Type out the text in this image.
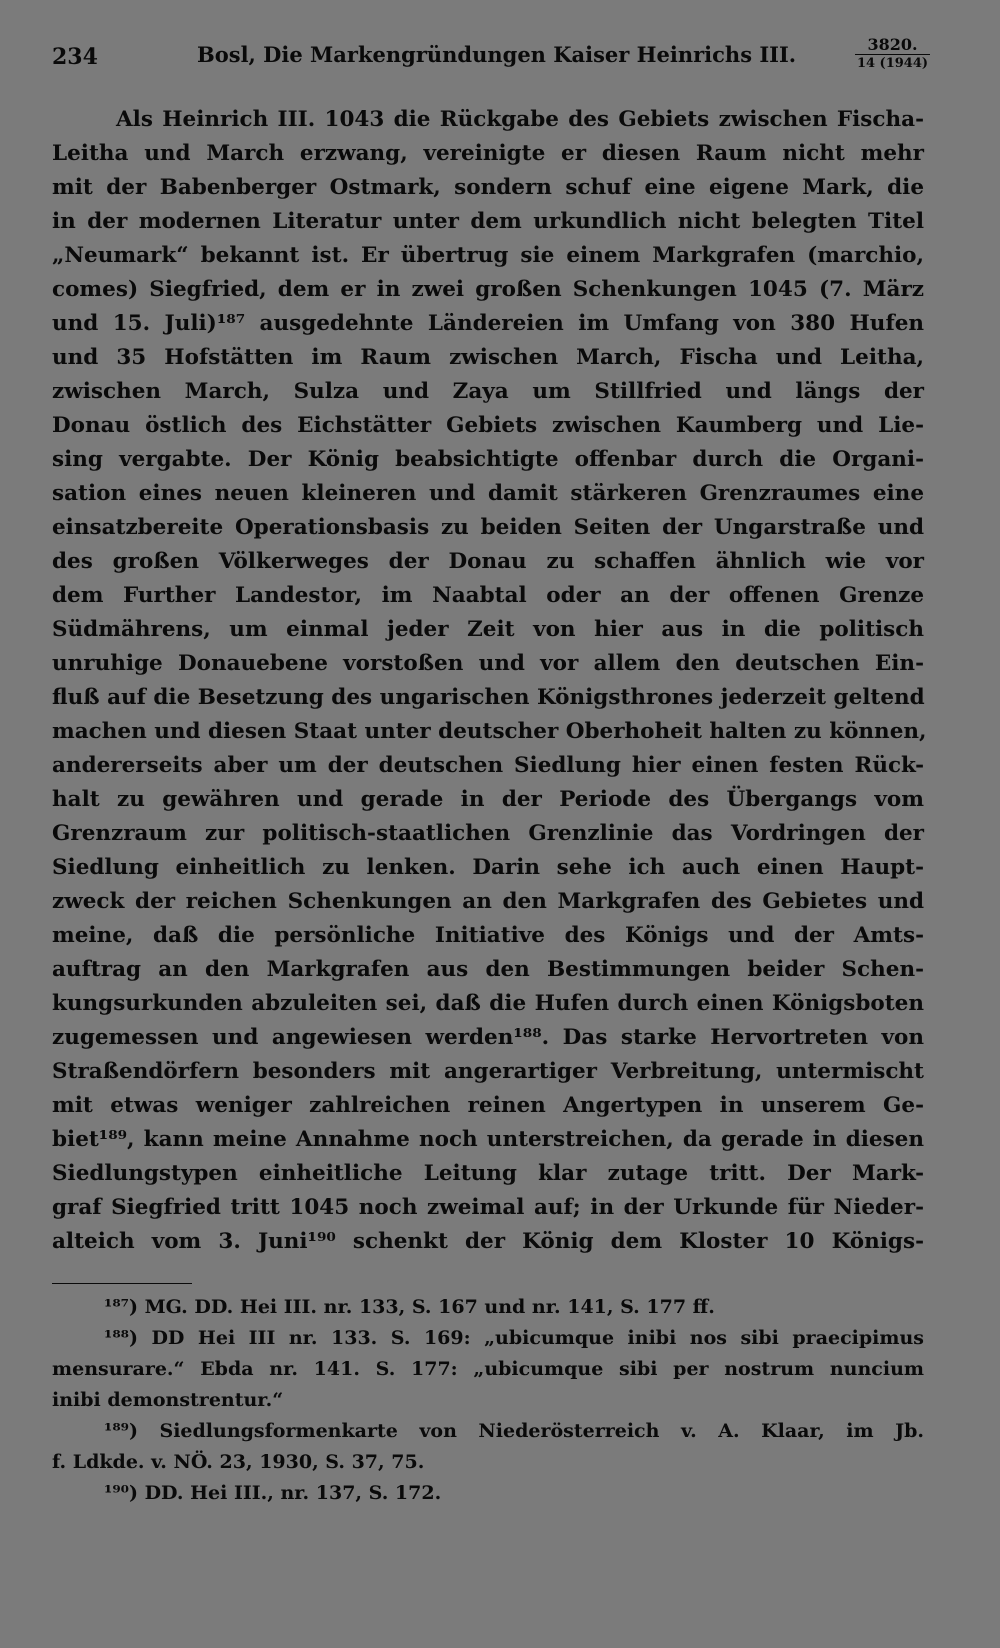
234	Bosl, Die Markengründungen Kaiser Heinrichs III.	3820.
14 (1944)
Als Heinrich III. 1043 die Rückgabe des Gebiets zwischen Fischa-
Leitha und March erzwang, vereinigte er diesen Raum nicht mehr
mit der Babenberger Ostmark, sondern schuf eine eigene Mark, die
in der modernen Literatur unter dem urkundlich nicht belegten Titel
„Neumark“ bekannt ist. Er übertrug sie einem Markgrafen (marchio,
comes) Siegfried, dem er in zwei großen Schenkungen 1045 (7. März
und 15. Juli)¹⁸⁷ ausgedehnte Ländereien im Umfang von 380 Hufen
und 35 Hofstätten im Raum zwischen March, Fischa und Leitha,
zwischen March, Sulza und Zaya um Stillfried und längs der
Donau östlich des Eichstätter Gebiets zwischen Kaumberg und Lie-
sing vergabte. Der König beabsichtigte offenbar durch die Organi-
sation eines neuen kleineren und damit stärkeren Grenzraumes eine
einsatzbereite Operationsbasis zu beiden Seiten der Ungarstraße und
des großen Völkerweges der Donau zu schaffen ähnlich wie vor
dem Further Landestor, im Naabtal oder an der offenen Grenze
Südmährens, um einmal jeder Zeit von hier aus in die politisch
unruhige Donauebene vorstoßen und vor allem den deutschen Ein-
fluß auf die Besetzung des ungarischen Königsthrones jederzeit geltend
machen und diesen Staat unter deutscher Oberhoheit halten zu können,
andererseits aber um der deutschen Siedlung hier einen festen Rück-
halt zu gewähren und gerade in der Periode des Übergangs vom
Grenzraum zur politisch-staatlichen Grenzlinie das Vordringen der
Siedlung einheitlich zu lenken. Darin sehe ich auch einen Haupt-
zweck der reichen Schenkungen an den Markgrafen des Gebietes und
meine, daß die persönliche Initiative des Königs und der Amts-
auftrag an den Markgrafen aus den Bestimmungen beider Schen-
kungsurkunden abzuleiten sei, daß die Hufen durch einen Königsboten
zugemessen und angewiesen werden¹⁸⁸. Das starke Hervortreten von
Straßendörfern besonders mit angerartiger Verbreitung, untermischt
mit etwas weniger zahlreichen reinen Angertypen in unserem Ge-
biet¹⁸⁹, kann meine Annahme noch unterstreichen, da gerade in diesen
Siedlungstypen einheitliche Leitung klar zutage tritt. Der Mark-
graf Siegfried tritt 1045 noch zweimal auf; in der Urkunde für Nieder-
alteich vom 3. Juni¹⁹⁰ schenkt der König dem Kloster 10 Königs-
¹⁸⁷) MG. DD. Hei III. nr. 133, S. 167 und nr. 141, S. 177 ff.
¹⁸⁸) DD Hei III nr. 133. S. 169: „ubicumque inibi nos sibi praecipimus
mensurare.“ Ebda nr. 141. S. 177: „ubicumque sibi per nostrum nuncium
inibi demonstrentur.“
¹⁸⁹) Siedlungsformenkarte von Niederösterreich v. A. Klaar, im Jb.
f. Ldkde. v. NÖ. 23, 1930, S. 37, 75.
¹⁹⁰) DD. Hei III., nr. 137, S. 172.
